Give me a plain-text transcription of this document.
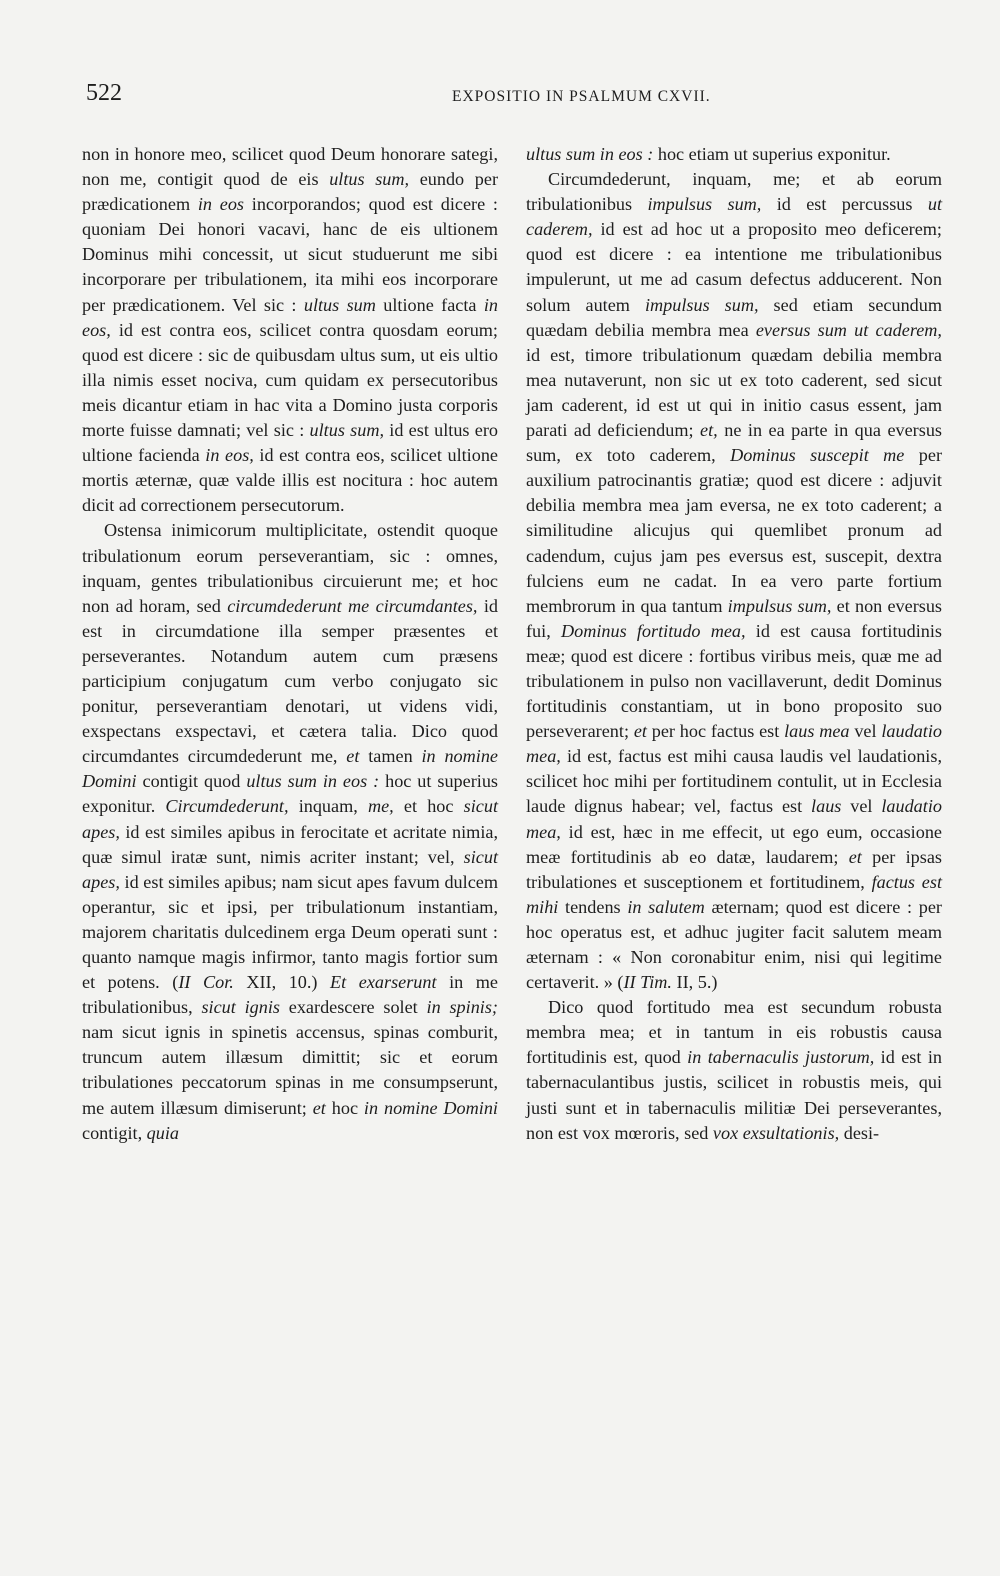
522	EXPOSITIO IN PSALMUM CXVII.

non in honore meo, scilicet quod Deum honorare sategi, non me, contigit quod de eis ultus sum, eundo per prædicationem in eos incorporandos; quod est dicere : quoniam Dei honori vacavi, hanc de eis ultionem Dominus mihi concessit, ut sicut studuerunt me sibi incorporare per tribulationem, ita mihi eos incorporare per prædicationem. Vel sic : ultus sum ultione facta in eos, id est contra eos, scilicet contra quosdam eorum; quod est dicere : sic de quibusdam ultus sum, ut eis ultio illa nimis esset nociva, cum quidam ex persecutoribus meis dicantur etiam in hac vita a Domino justa corporis morte fuisse damnati; vel sic : ultus sum, id est ultus ero ultione facienda in eos, id est contra eos, scilicet ultione mortis æternæ, quæ valde illis est nocitura : hoc autem dicit ad correctionem persecutorum.

Ostensa inimicorum multiplicitate, ostendit quoque tribulationum eorum perseverantiam, sic : omnes, inquam, gentes tribulationibus circuierunt me; et hoc non ad horam, sed circumdederunt me circumdantes, id est in circumdatione illa semper præsentes et perseverantes. Notandum autem cum præsens participium conjugatum cum verbo conjugato sic ponitur, perseverantiam denotari, ut videns vidi, exspectans exspectavi, et cætera talia. Dico quod circumdantes circumdederunt me, et tamen in nomine Domini contigit quod ultus sum in eos : hoc ut superius exponitur. Circumdederunt, inquam, me, et hoc sicut apes, id est similes apibus in ferocitate et acritate nimia, quæ simul iratæ sunt, nimis acriter instant; vel, sicut apes, id est similes apibus; nam sicut apes favum dulcem operantur, sic et ipsi, per tribulationum instantiam, majorem charitatis dulcedinem erga Deum operati sunt : quanto namque magis infirmor, tanto magis fortior sum et potens. (II Cor. XII, 10.) Et exarserunt in me tribulationibus, sicut ignis exardescere solet in spinis; nam sicut ignis in spinetis accensus, spinas comburit, truncum autem illæsum dimittit; sic et eorum tribulationes peccatorum spinas in me consumpserunt, me autem illæsum dimiserunt; et hoc in nomine Domini contigit, quia

ultus sum in eos : hoc etiam ut superius exponitur.

Circumdederunt, inquam, me; et ab eorum tribulationibus impulsus sum, id est percussus ut caderem, id est ad hoc ut a proposito meo deficerem; quod est dicere : ea intentione me tribulationibus impulerunt, ut me ad casum defectus adducerent. Non solum autem impulsus sum, sed etiam secundum quædam debilia membra mea eversus sum ut caderem, id est, timore tribulationum quædam debilia membra mea nutaverunt, non sic ut ex toto caderent, sed sicut jam caderent, id est ut qui in initio casus essent, jam parati ad deficiendum; et, ne in ea parte in qua eversus sum, ex toto caderem, Dominus suscepit me per auxilium patrocinantis gratiæ; quod est dicere : adjuvit debilia membra mea jam eversa, ne ex toto caderent; a similitudine alicujus qui quemlibet pronum ad cadendum, cujus jam pes eversus est, suscepit, dextra fulciens eum ne cadat. In ea vero parte fortium membrorum in qua tantum impulsus sum, et non eversus fui, Dominus fortitudo mea, id est causa fortitudinis meæ; quod est dicere : fortibus viribus meis, quæ me ad tribulationem in pulso non vacillaverunt, dedit Dominus fortitudinis constantiam, ut in bono proposito suo perseverarent; et per hoc factus est laus mea vel laudatio mea, id est, factus est mihi causa laudis vel laudationis, scilicet hoc mihi per fortitudinem contulit, ut in Ecclesia laude dignus habear; vel, factus est laus vel laudatio mea, id est, hæc in me effecit, ut ego eum, occasione meæ fortitudinis ab eo datæ, laudarem; et per ipsas tribulationes et susceptionem et fortitudinem, factus est mihi tendens in salutem æternam; quod est dicere : per hoc operatus est, et adhuc jugiter facit salutem meam æternam : « Non coronabitur enim, nisi qui legitime certaverit. » (II Tim. II, 5.)

Dico quod fortitudo mea est secundum robusta membra mea; et in tantum in eis robustis causa fortitudinis est, quod in tabernaculis justorum, id est in tabernaculantibus justis, scilicet in robustis meis, qui justi sunt et in tabernaculis militiæ Dei perseverantes, non est vox mœroris, sed vox exsultationis, desi-
